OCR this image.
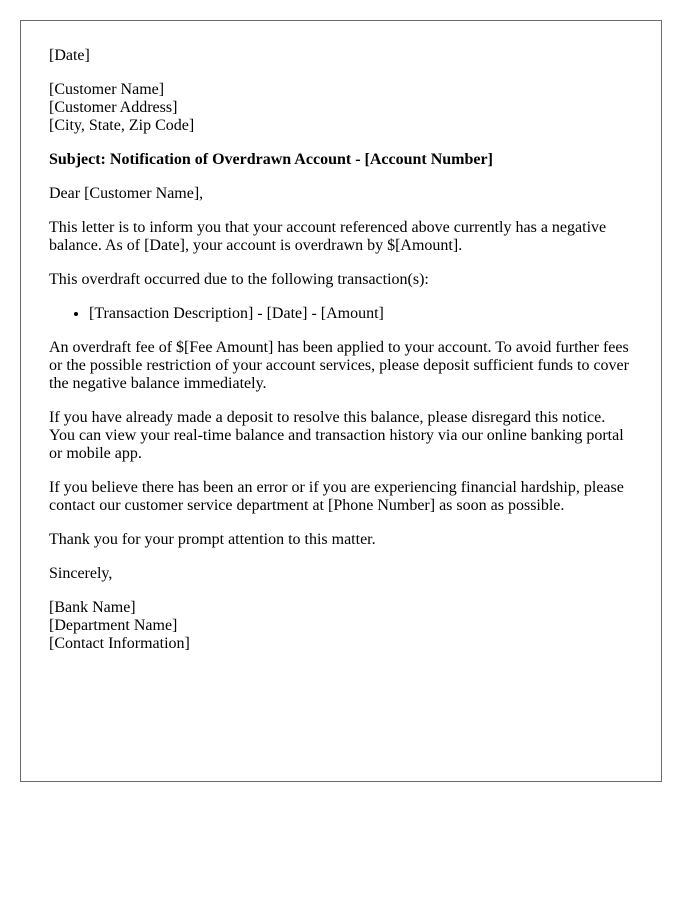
[Date]

[Customer Name]
[Customer Address]
[City, State, Zip Code]

Subject: Notification of Overdrawn Account - [Account Number]

Dear [Customer Name],

This letter is to inform you that your account referenced above currently has a negative balance. As of [Date], your account is overdrawn by $[Amount].

This overdraft occurred due to the following transaction(s):

• [Transaction Description] - [Date] - [Amount]

An overdraft fee of $[Fee Amount] has been applied to your account. To avoid further fees or the possible restriction of your account services, please deposit sufficient funds to cover the negative balance immediately.

If you have already made a deposit to resolve this balance, please disregard this notice. You can view your real-time balance and transaction history via our online banking portal or mobile app.

If you believe there has been an error or if you are experiencing financial hardship, please contact our customer service department at [Phone Number] as soon as possible.

Thank you for your prompt attention to this matter.

Sincerely,

[Bank Name]
[Department Name]
[Contact Information]
